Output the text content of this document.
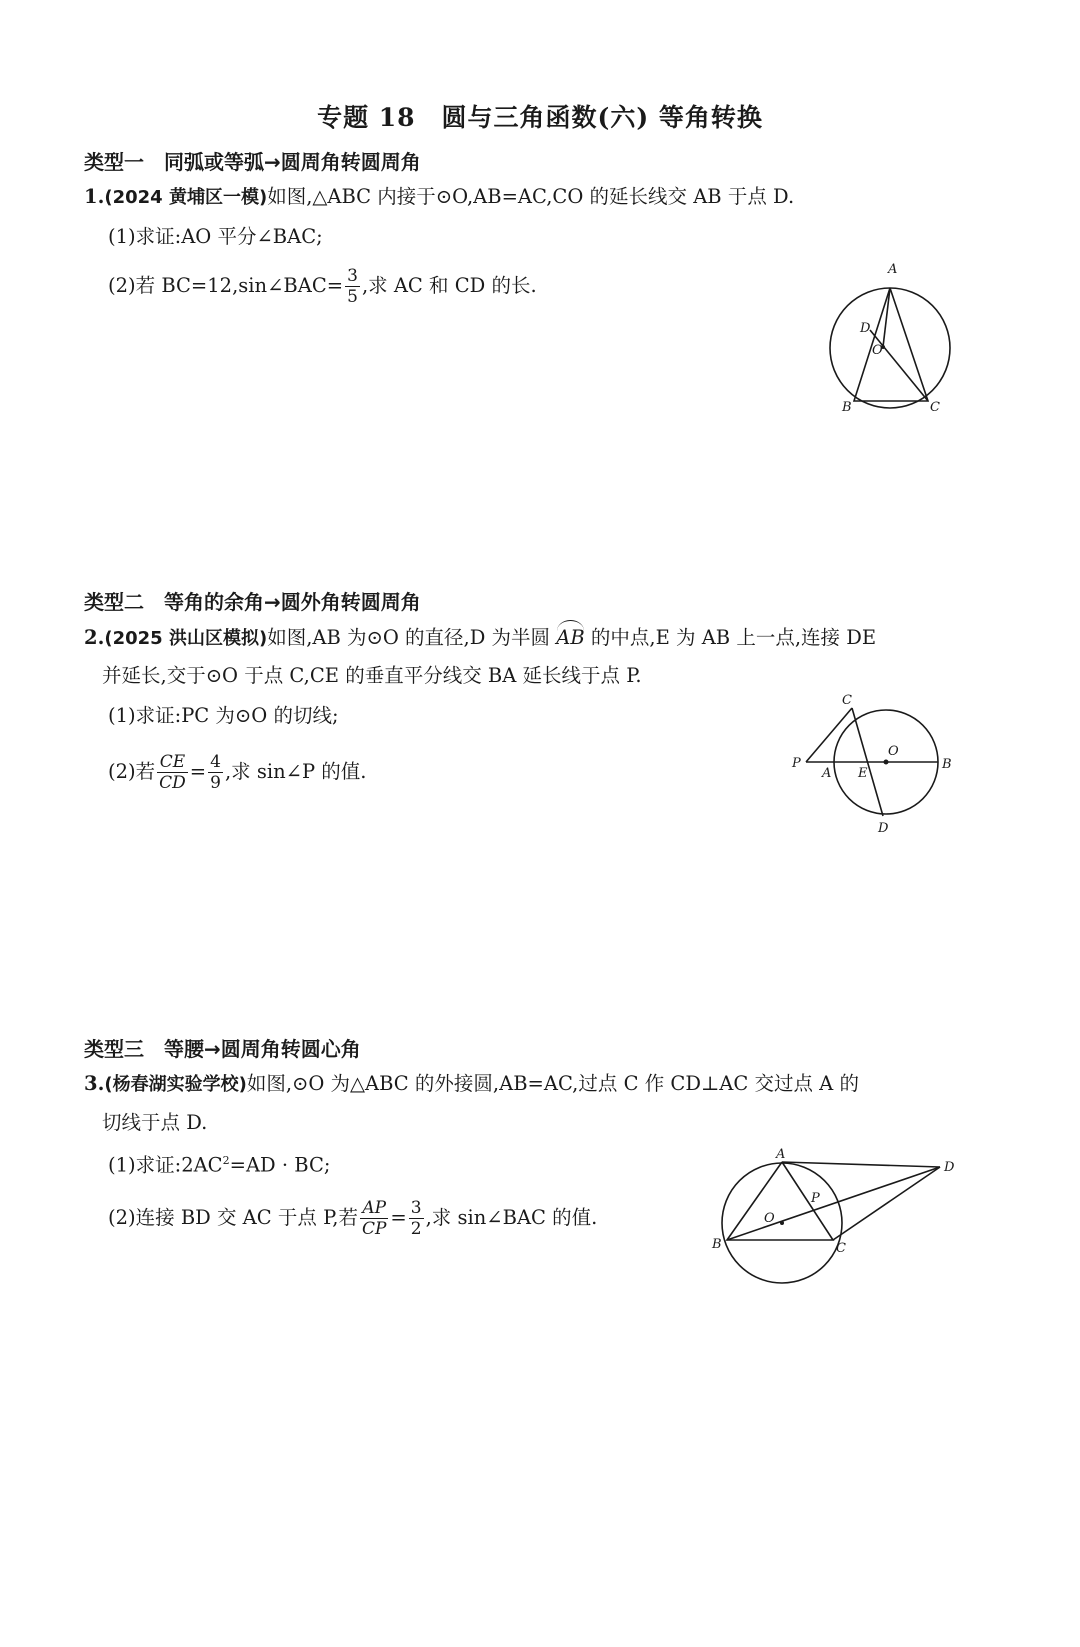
专题 18　圆与三角函数(六) 等角转换
类型一　同弧或等弧→圆周角转圆周角
1.(2024 黄埔区一模)如图,△ABC 内接于⊙O,AB=AC,CO 的延长线交 AB 于点 D.
(1)求证:AO 平分∠BAC;
(2)若 BC=12,sin∠BAC= $\frac{3}{5}$ ,求 AC 和 CD 的长.
A
B	C
D
O
类型二　等角的余角→圆外角转圆周角
2.(2025 洪山区模拟)如图,AB 为⊙O 的直径,D 为半圆 AB 的中点,E 为 AB 上一点,连接 DE
并延长,交于⊙O 于点 C,CE 的垂直平分线交 BA 延长线于点 P.
(1)求证:PC 为⊙O 的切线;
(2)若 $\frac{CE}{CD} = \frac{4}{9}$ ,求 sin∠P 的值.	P
A E
O
B
C
D
类型三　等腰→圆周角转圆心角
3.(杨春湖实验学校)如图,⊙O 为△ABC 的外接圆,AB=AC,过点 C 作 CD⊥AC 交过点 A 的
切线于点 D.
(1)求证$:2AC^2=AD$ · BC;
(2)连接 BD 交 AC 于点 P,若 $\frac{AP}{CP} = \frac{3}{2}$ ,求 sin∠BAC 的值.
A
B	C
D
O
P
